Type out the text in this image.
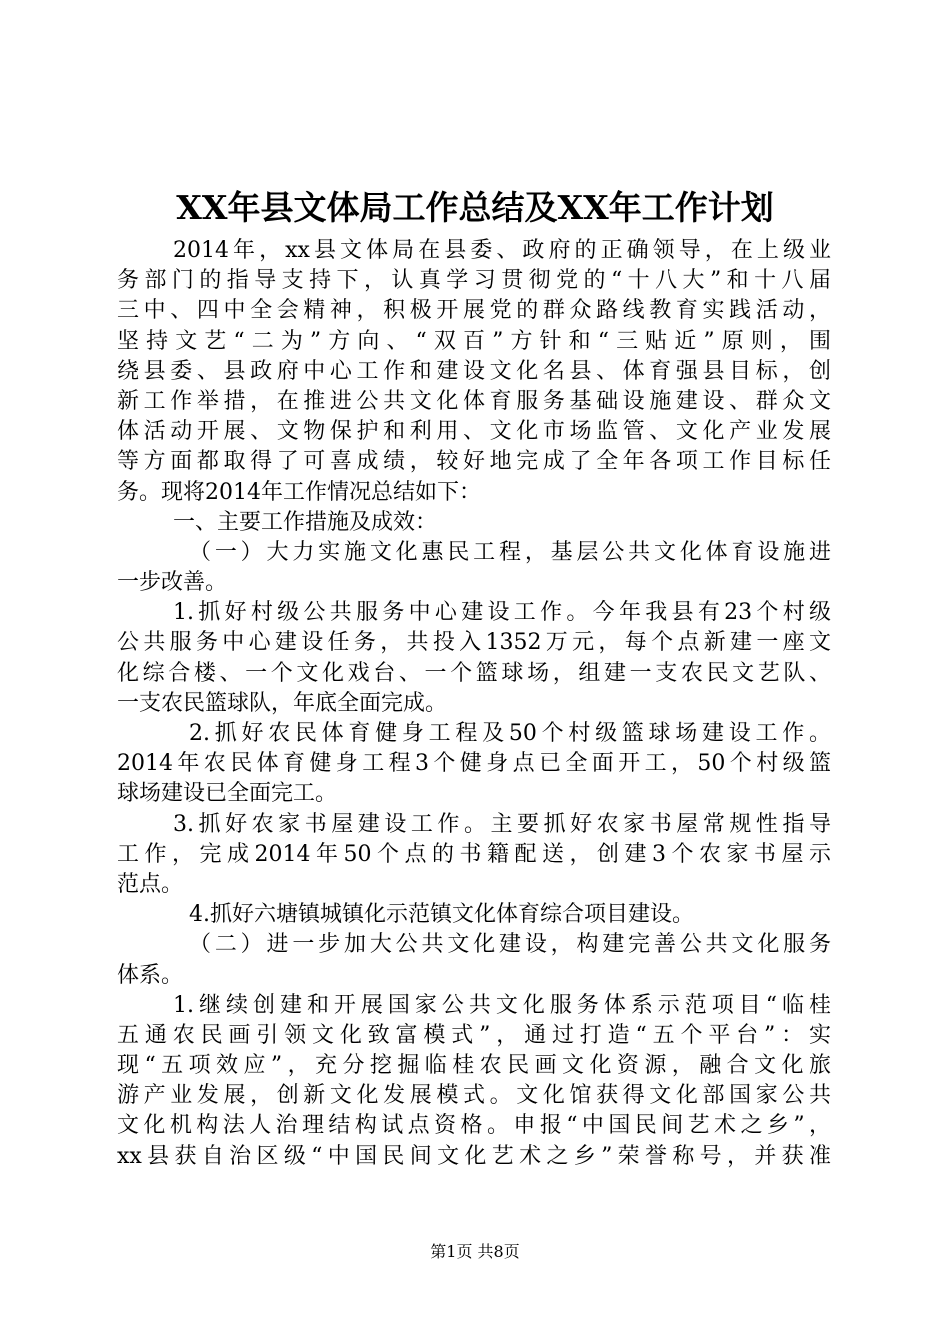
XX年县文体局工作总结及XX年工作计划
2014年，xx县文体局在县委、政府的正确领导，在上级业
务部门的指导支持下，认真学习贯彻党的“十八大”和十八届
三中、四中全会精神，积极开展党的群众路线教育实践活动，
坚持文艺“二为”方向、“双百”方针和“三贴近”原则，围
绕县委、县政府中心工作和建设文化名县、体育强县目标，创
新工作举措，在推进公共文化体育服务基础设施建设、群众文
体活动开展、文物保护和利用、文化市场监管、文化产业发展
等方面都取得了可喜成绩，较好地完成了全年各项工作目标任
务。现将2014年工作情况总结如下：
一、主要工作措施及成效：
（一）大力实施文化惠民工程，基层公共文化体育设施进
一步改善。
1.抓好村级公共服务中心建设工作。今年我县有23个村级
公共服务中心建设任务，共投入1352万元，每个点新建一座文
化综合楼、一个文化戏台、一个篮球场，组建一支农民文艺队、
一支农民篮球队，年底全面完成。
2.抓好农民体育健身工程及50个村级篮球场建设工作。
2014年农民体育健身工程3个健身点已全面开工，50个村级篮
球场建设已全面完工。
3.抓好农家书屋建设工作。主要抓好农家书屋常规性指导
工作，完成2014年50个点的书籍配送，创建3个农家书屋示
范点。
4.抓好六塘镇城镇化示范镇文化体育综合项目建设。
（二）进一步加大公共文化建设，构建完善公共文化服务
体系。
1.继续创建和开展国家公共文化服务体系示范项目“临桂
五通农民画引领文化致富模式”，通过打造“五个平台”：实
现“五项效应”，充分挖掘临桂农民画文化资源，融合文化旅
游产业发展，创新文化发展模式。文化馆获得文化部国家公共
文化机构法人治理结构试点资格。申报“中国民间艺术之乡”，
xx县获自治区级“中国民间文化艺术之乡”荣誉称号，并获准
第1页 共8页
